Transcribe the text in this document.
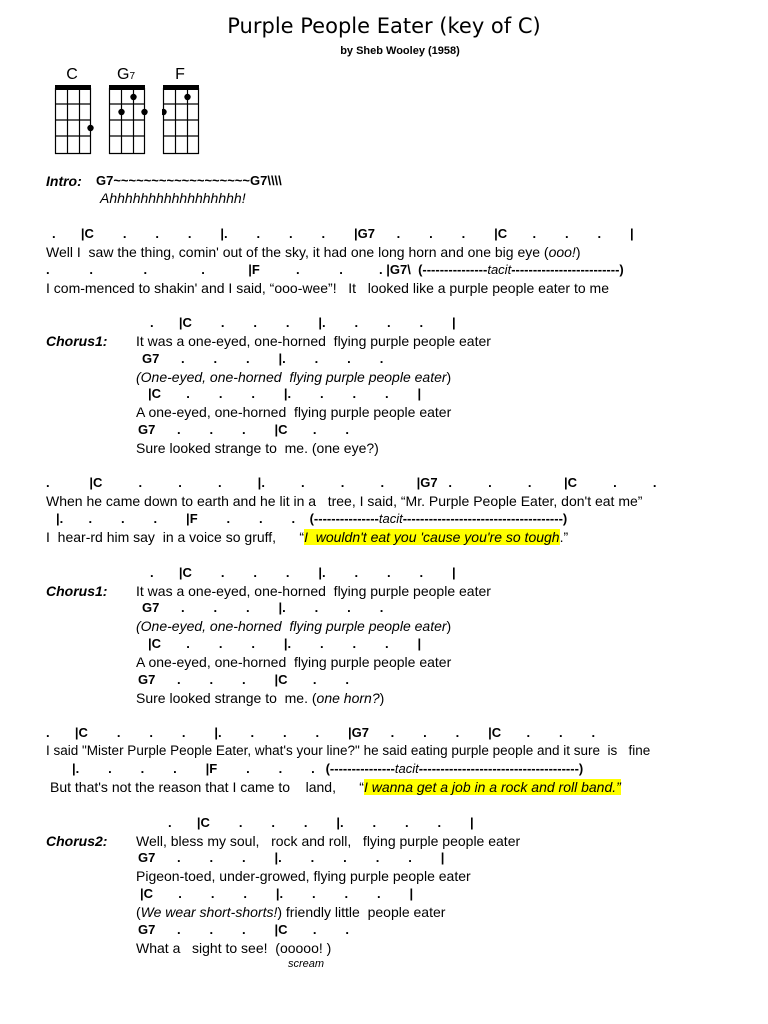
Purple People Eater (key of C)
by Sheb Wooley (1958)
C	G7	F
Intro: G7~~~~~~~~~~~~~~~~~~G7\\\\
Ahhhhhhhhhhhhhhhhh!
.       |C        .        .        .        |.        .        .        .        |G7      .        .        .        |C       .        .        .        |
Well I  saw the thing, comin' out of the sky, it had one long horn and one big eye (ooo!)
.           .              .               .            |F          .           .          . |G7\  (---------------tacit-------------------------)
I com-menced to shakin' and I said, “ooo-wee”!   It   looked like a purple people eater to me
.       |C        .        .        .        |.        .        .        .        |
Chorus1: It was a one-eyed, one-horned  flying purple people eater
G7      .        .        .        |.        .        .        .
(One-eyed, one-horned  flying purple people eater)
|C       .        .        .        |.        .        .        .        |
A one-eyed, one-horned  flying purple people eater
G7      .        .        .        |C       .        .
Sure looked strange to  me. (one eye?)
.           |C          .          .          .          |.          .          .          .         |G7   .          .          .         |C          .          .
When he came down to earth and he lit in a   tree, I said, “Mr. Purple People Eater, don't eat me”
|.       .        .        .        |F        .        .        .    (---------------tacit-------------------------------------)
I  hear-rd him say  in a voice so gruff,      “I  wouldn't eat you 'cause you're so tough.”
.       |C        .        .        .        |.        .        .        .        |
Chorus1: It was a one-eyed, one-horned  flying purple people eater
G7      .        .        .        |.        .        .        .
(One-eyed, one-horned  flying purple people eater)
|C       .        .        .        |.        .        .        .        |
A one-eyed, one-horned  flying purple people eater
G7      .        .        .        |C       .        .
Sure looked strange to  me. (one horn?)
.       |C        .        .        .        |.        .        .        .        |G7      .        .        .        |C       .        .        .
I said "Mister Purple People Eater, what's your line?" he said eating purple people and it sure  is   fine
|.        .        .        .        |F        .        .        .   (---------------tacit-------------------------------------)
But that's not the reason that I came to    land,      “I wanna get a job in a rock and roll band.”
.       |C        .        .        .        |.        .        .        .        |
Chorus2: Well, bless my soul,   rock and roll,   flying purple people eater
G7      .        .        .        |.        .        .        .        .        |
Pigeon-toed, under-growed, flying purple people eater
|C       .        .        .        |.        .        .        .        |
(We wear short-shorts!) friendly little  people eater
G7      .        .        .        |C       .        .
What a   sight to see!  (ooooo! )
scream
